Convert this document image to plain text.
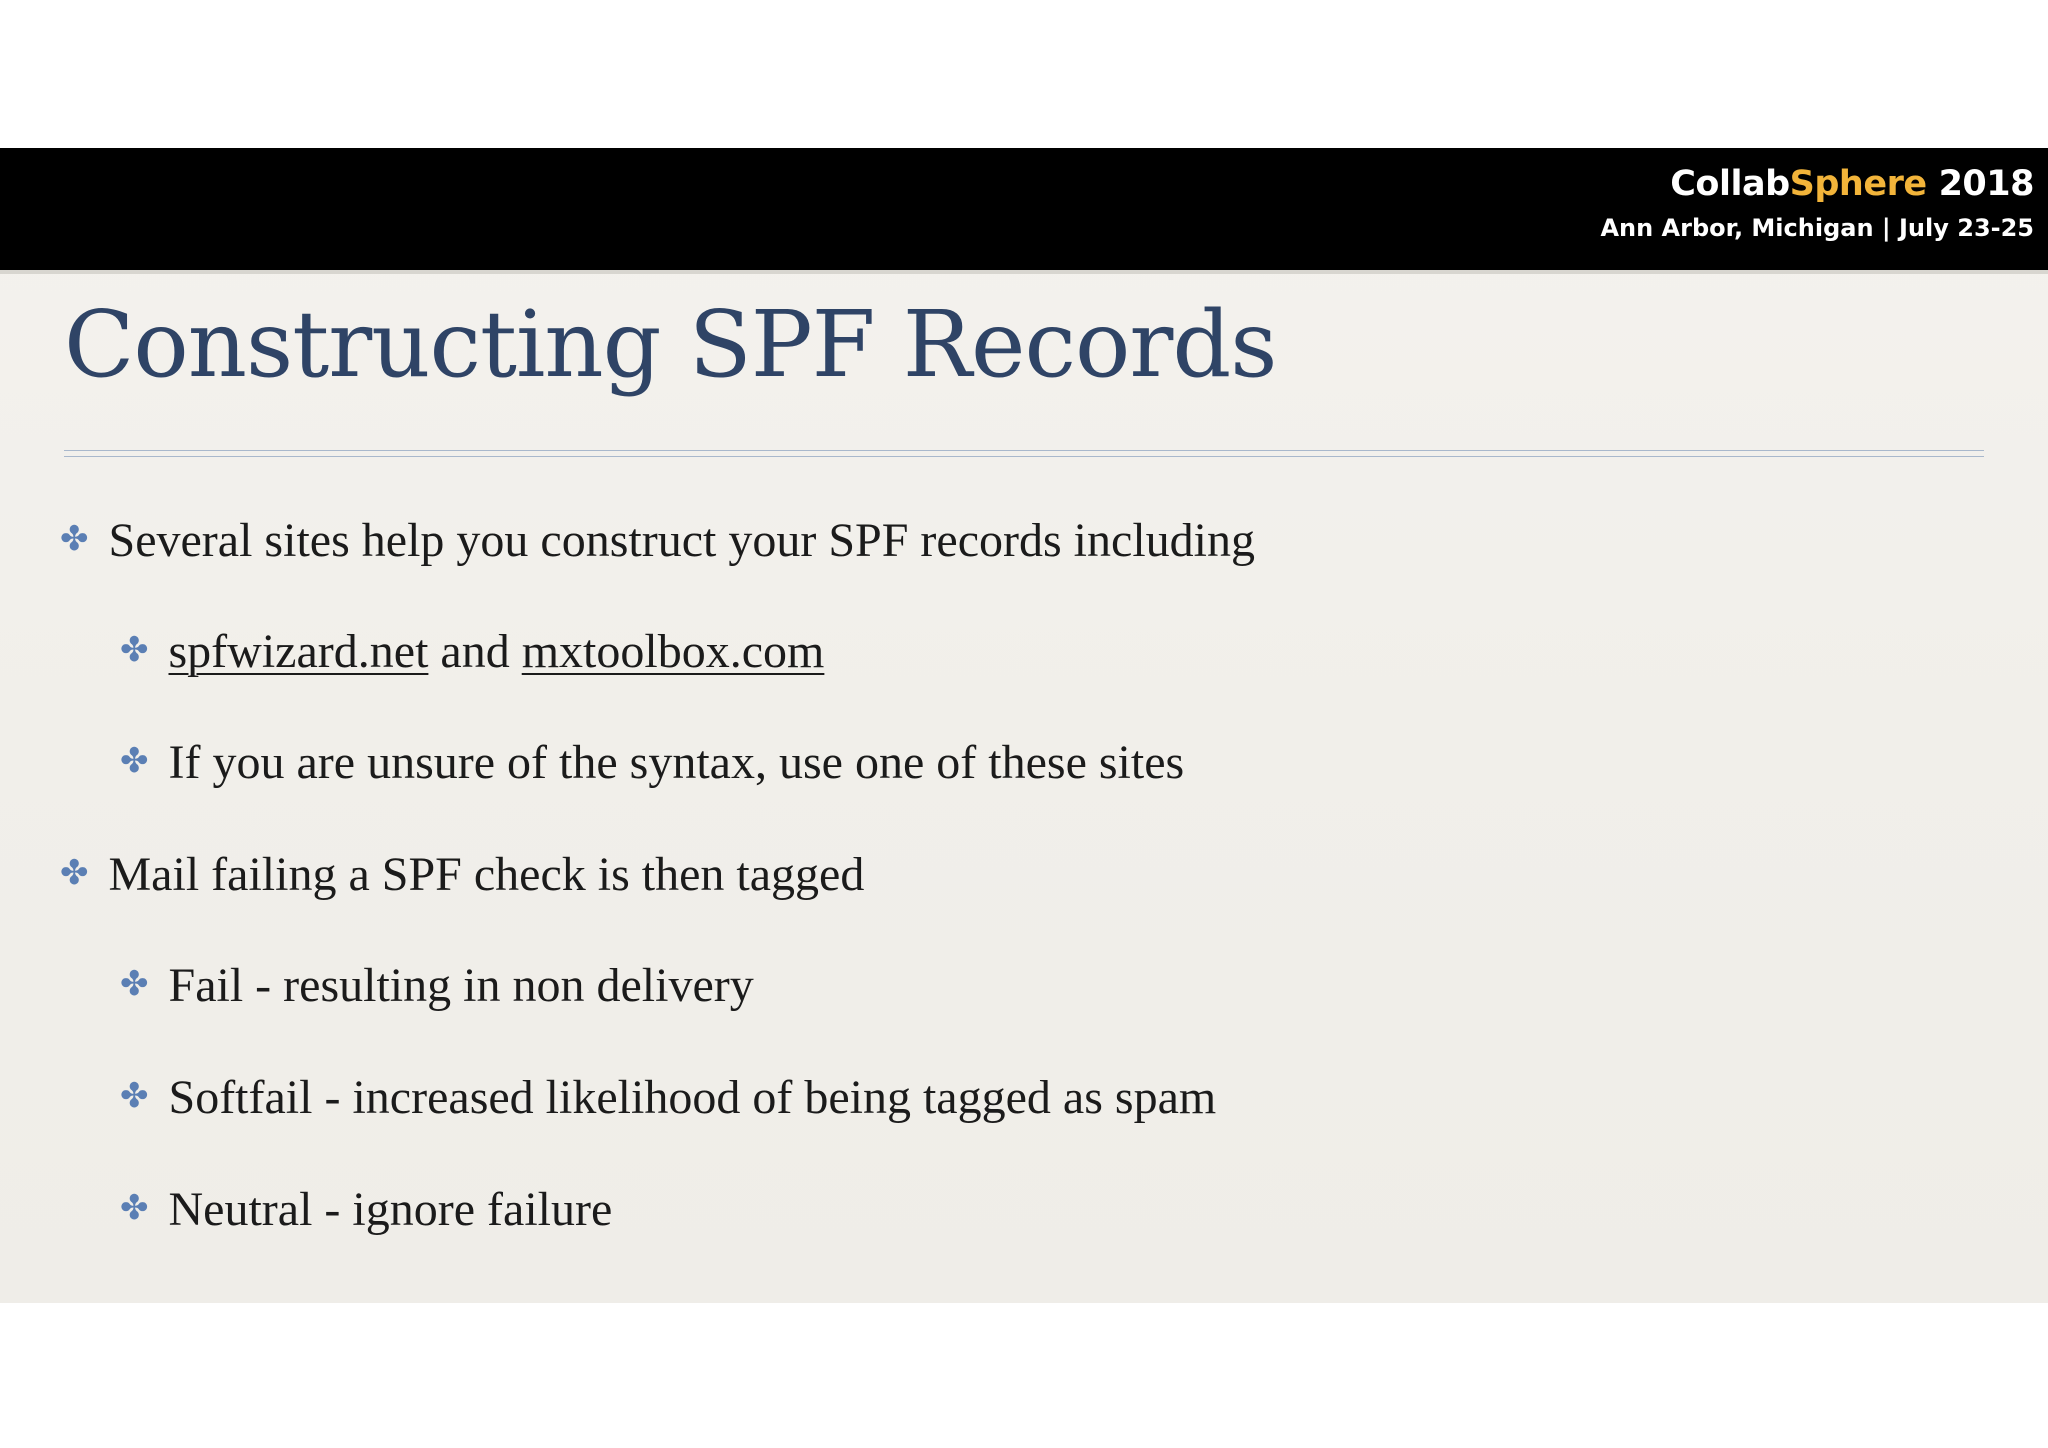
CollabSphere 2018
Ann Arbor, Michigan | July 23-25
Constructing SPF Records
✤ Several sites help you construct your SPF records including
✤ spfwizard.net and mxtoolbox.com
✤ If you are unsure of the syntax, use one of these sites
✤ Mail failing a SPF check is then tagged
✤ Fail - resulting in non delivery
✤ Softfail - increased likelihood of being tagged as spam
✤ Neutral - ignore failure
